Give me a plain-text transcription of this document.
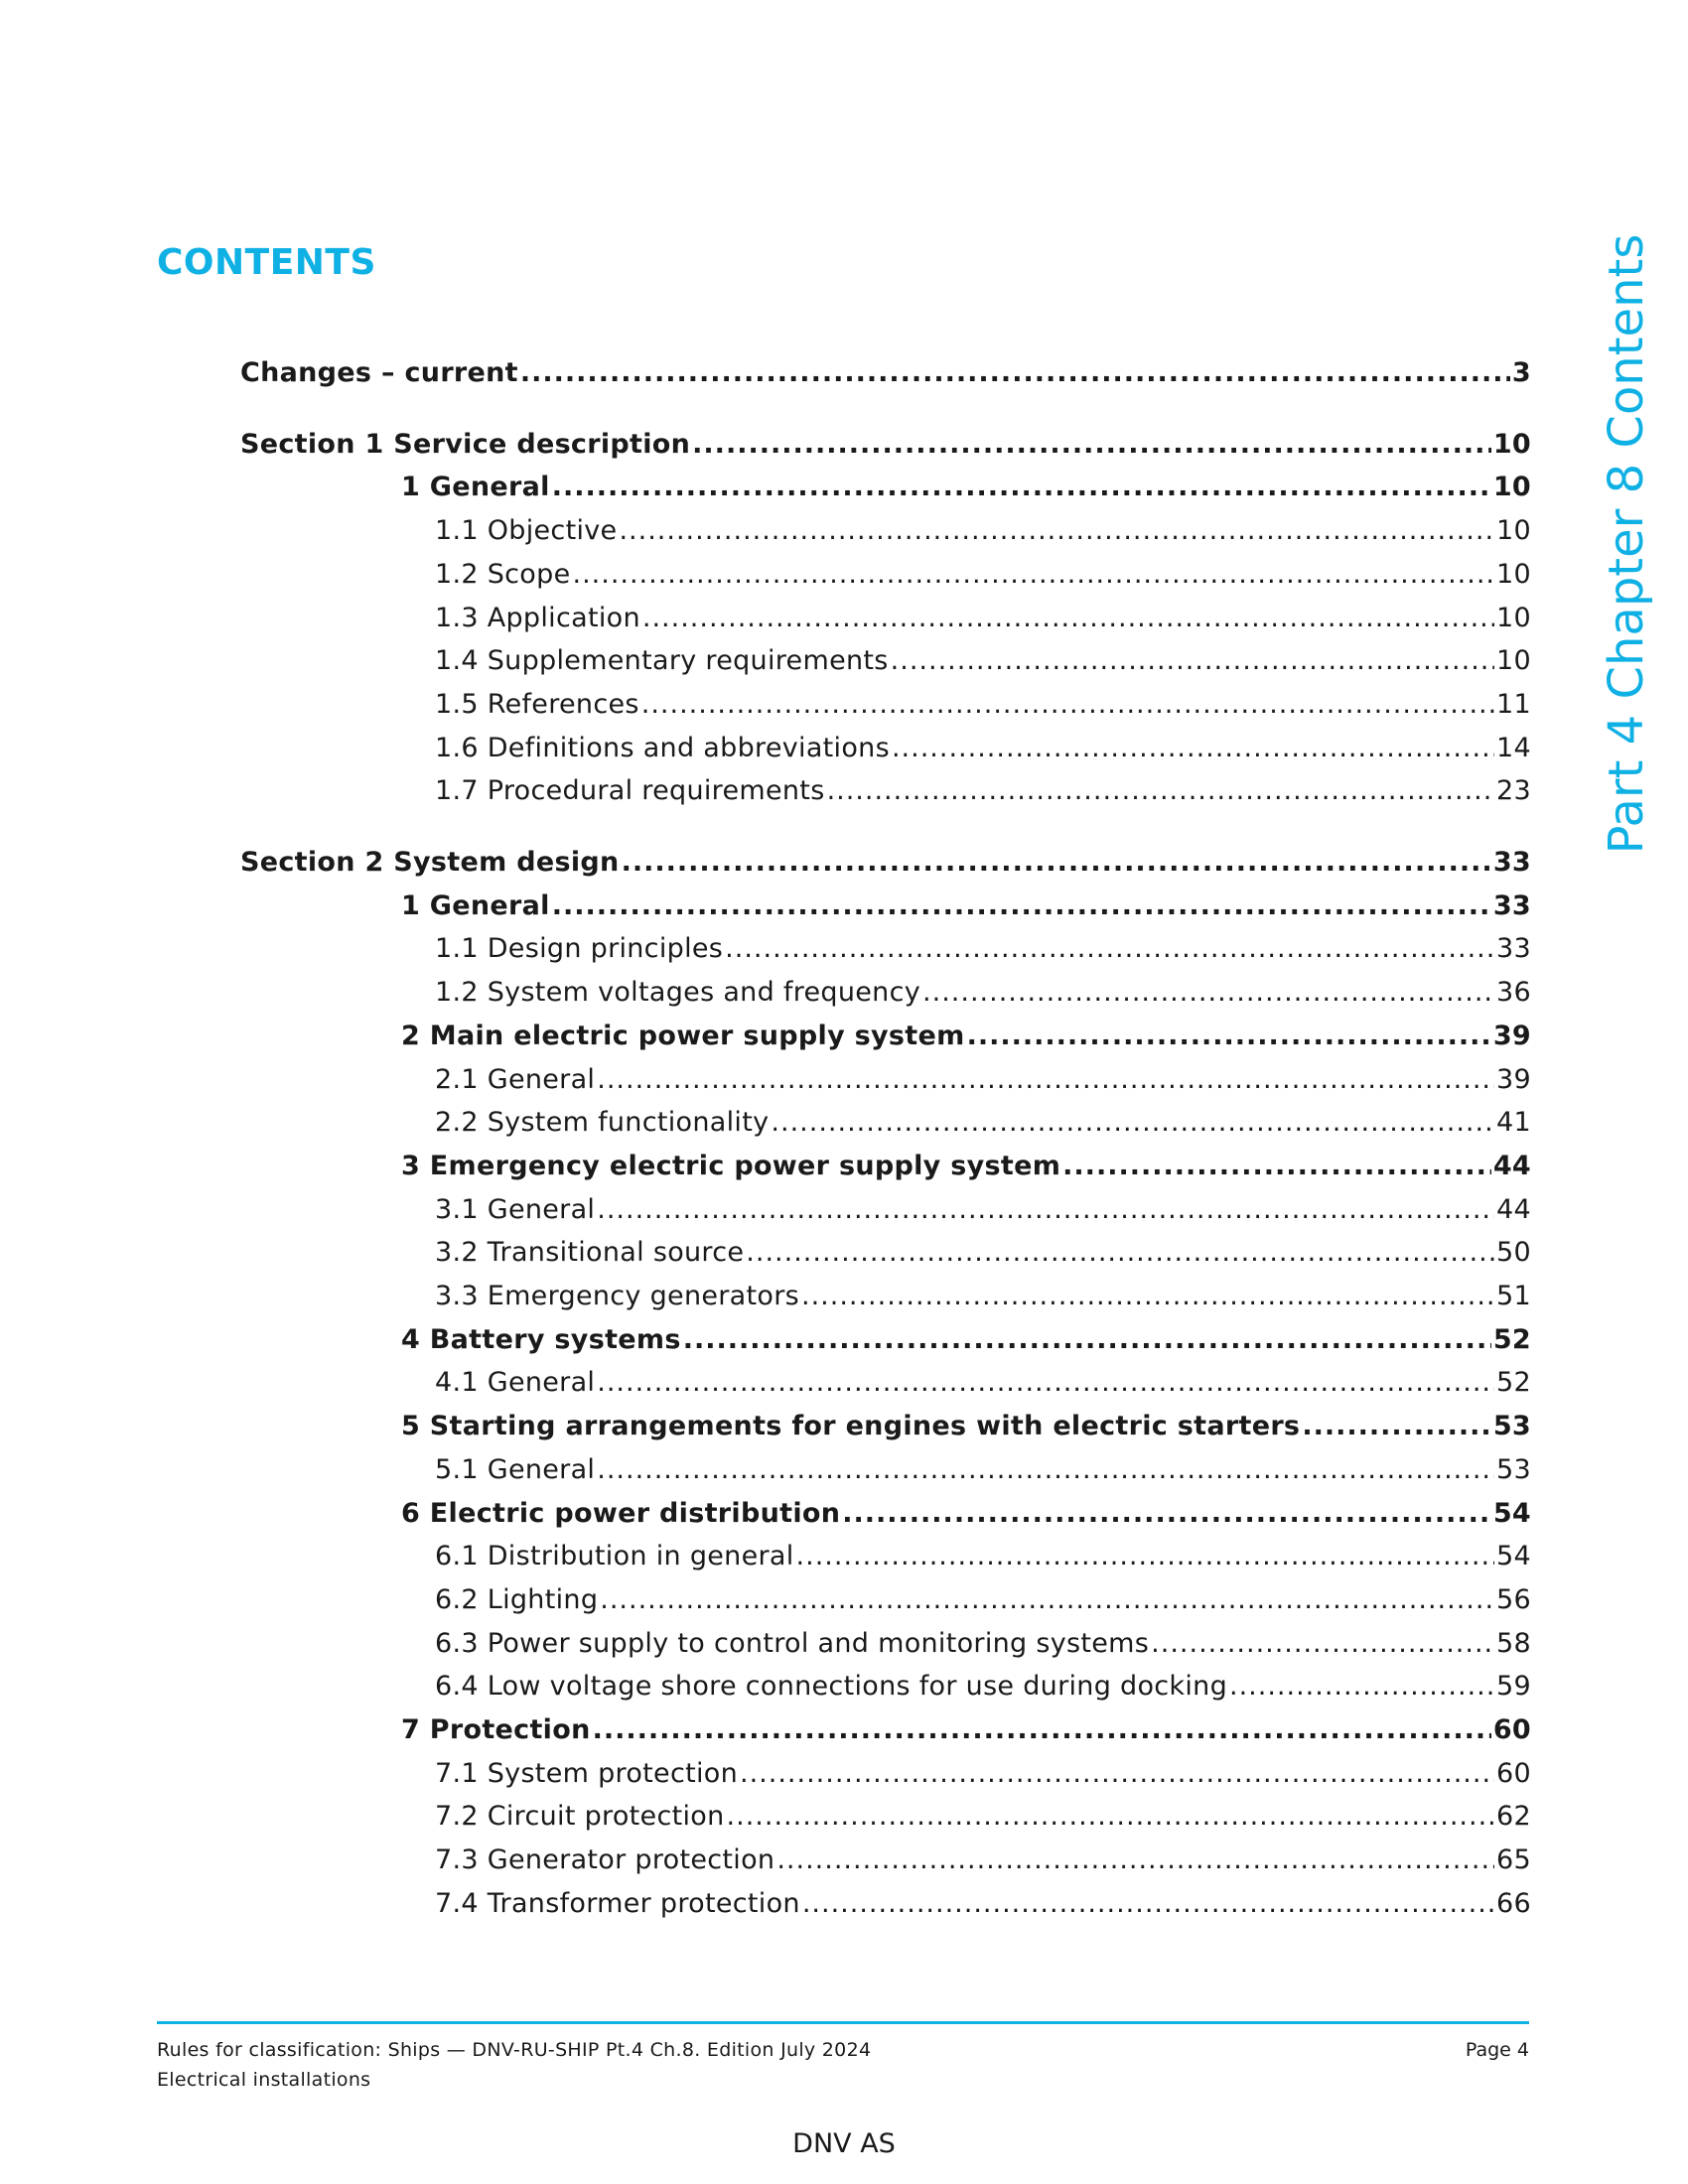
CONTENTS	Part 4 Chapter 8 Contents
Changes – current .....	3
Section 1 Service description .....	10
1 General .....	10
1.1 Objective .....	10
1.2 Scope .....	10
1.3 Application .....	10
1.4 Supplementary requirements .....	10
1.5 References .....	11
1.6 Definitions and abbreviations .....	14
1.7 Procedural requirements .....	23
Section 2 System design .....	33
1 General .....	33
1.1 Design principles .....	33
1.2 System voltages and frequency .....	36
2 Main electric power supply system .....	39
2.1 General .....	39
2.2 System functionality .....	41
3 Emergency electric power supply system .....	44
3.1 General .....	44
3.2 Transitional source .....	50
3.3 Emergency generators .....	51
4 Battery systems .....	52
4.1 General .....	52
5 Starting arrangements for engines with electric starters .....	53
5.1 General .....	53
6 Electric power distribution .....	54
6.1 Distribution in general .....	54
6.2 Lighting .....	56
6.3 Power supply to control and monitoring systems .....	58
6.4 Low voltage shore connections for use during docking .....	59
7 Protection .....	60
7.1 System protection .....	60
7.2 Circuit protection .....	62
7.3 Generator protection .....	65
7.4 Transformer protection .....	66
Rules for classification: Ships — DNV-RU-SHIP Pt.4 Ch.8. Edition July 2024
Electrical installations
Page 4
DNV AS
